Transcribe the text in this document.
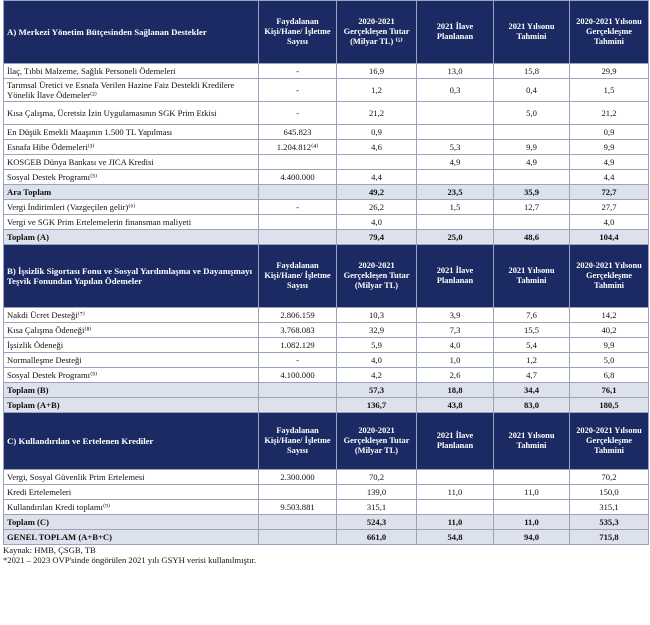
A) Merkezi Yönetim Bütçesinden Sağlanan Destekler	Faydalanan Kişi/Hane/ İşletme Sayısı	2020-2021 Gerçekleşen Tutar (Milyar TL) ⁽⁵⁾	2021 İlave Planlanan	2021 Yılsonu Tahmini	2020-2021 Yılsonu Gerçekleşme Tahmini
İlaç, Tıbbi Malzeme, Sağlık Personeli Ödemeleri	-	16,9	13,0	15,8	29,9
Tarımsal Üretici ve Esnafa Verilen Hazine Faiz Destekli Kredilere Yönelik İlave Ödemeler⁽²⁾	-	1,2	0,3	0,4	1,5
Kısa Çalışma, Ücretsiz İzin Uygulamasının SGK Prim Etkisi	-	21,2		5,0	21,2
En Düşük Emekli Maaşının 1.500 TL Yapılması	645.823	0,9			0,9
Esnafa Hibe Ödemeleri⁽³⁾	1.204.812⁽⁴⁾	4,6	5,3	9,9	9,9
KOSGEB Dünya Bankası ve JICA Kredisi			4,9	4,9	4,9
Sosyal Destek Programı⁽⁵⁾	4.400.000	4,4			4,4
Ara Toplam		49,2	23,5	35,9	72,7
Vergi İndirimleri (Vazgeçilen gelir)⁽⁶⁾	-	26,2	1,5	12,7	27,7
Vergi ve SGK Prim Ertelemelerin finansman maliyeti		4,0			4,0
Toplam (A)		79,4	25,0	48,6	104,4
B) İşsizlik Sigortası Fonu ve Sosyal Yardımlaşma ve Dayanışmayı Teşvik Fonundan Yapılan Ödemeler	Faydalanan Kişi/Hane/ İşletme Sayısı	2020-2021 Gerçekleşen Tutar (Milyar TL)	2021 İlave Planlanan	2021 Yılsonu Tahmini	2020-2021 Yılsonu Gerçekleşme Tahmini
Nakdi Ücret Desteği⁽⁷⁾	2.806.159	10,3	3,9	7,6	14,2
Kısa Çalışma Ödeneği⁽⁸⁾	3.768.083	32,9	7,3	15,5	40,2
İşsizlik Ödeneği	1.082.129	5,9	4,0	5,4	9,9
Normalleşme Desteği	-	4,0	1,0	1,2	5,0
Sosyal Destek Programı⁽⁵⁾	4.100.000	4,2	2,6	4,7	6,8
Toplam (B)		57,3	18,8	34,4	76,1
Toplam (A+B)		136,7	43,8	83,0	180,5
C) Kullandırılan ve Ertelenen Krediler	Faydalanan Kişi/Hane/ İşletme Sayısı	2020-2021 Gerçekleşen Tutar (Milyar TL)	2021 İlave Planlanan	2021 Yılsonu Tahmini	2020-2021 Yılsonu Gerçekleşme Tahmini
Vergi, Sosyal Güvenlik Prim Ertelemesi	2.300.000	70,2			70,2
Kredi Ertelemeleri		139,0	11,0	11,0	150,0
Kullandırılan Kredi toplamı⁽⁹⁾	9.503.881	315,1			315,1
Toplam (C)		524,3	11,0	11,0	535,3
GENEL TOPLAM (A+B+C)		661,0	54,8	94,0	715,8
Kaynak: HMB, ÇSGB, TB
*2021 – 2023 OVP'sinde öngörülen 2021 yılı GSYH verisi kullanılmıştır.
